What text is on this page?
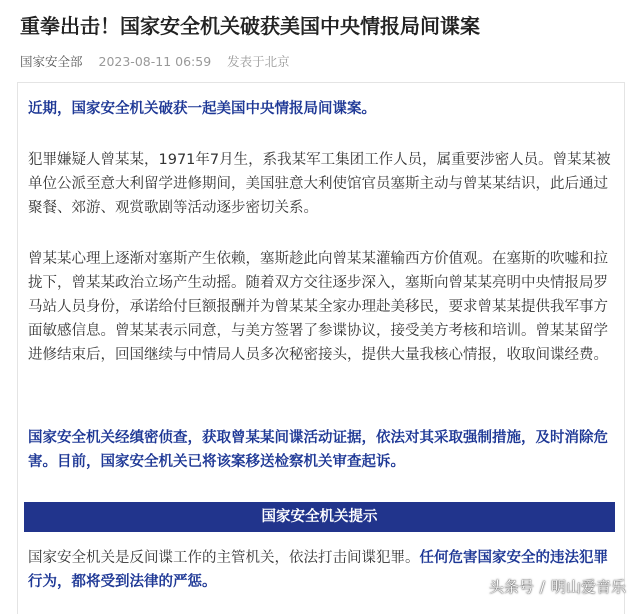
重拳出击！国家安全机关破获美国中央情报局间谍案
国家安全部 2023-08-11 06:59 发表于北京
近期，国家安全机关破获一起美国中央情报局间谍案。
犯罪嫌疑人曾某某，1971年7月生，系我某军工集团工作人员，属重要涉密人员。曾某某被单位公派至意大利留学进修期间，美国驻意大利使馆官员塞斯主动与曾某某结识，此后通过聚餐、郊游、观赏歌剧等活动逐步密切关系。
曾某某心理上逐渐对塞斯产生依赖，塞斯趁此向曾某某灌输西方价值观。在塞斯的吹嘘和拉拢下，曾某某政治立场产生动摇。随着双方交往逐步深入，塞斯向曾某某亮明中央情报局罗马站人员身份，承诺给付巨额报酬并为曾某某全家办理赴美移民，要求曾某某提供我军事方面敏感信息。曾某某表示同意，与美方签署了参谍协议，接受美方考核和培训。曾某某留学进修结束后，回国继续与中情局人员多次秘密接头，提供大量我核心情报，收取间谍经费。
国家安全机关经缜密侦查，获取曾某某间谍活动证据，依法对其采取强制措施，及时消除危害。目前，国家安全机关已将该案移送检察机关审查起诉。
国家安全机关提示
国家安全机关是反间谍工作的主管机关，依法打击间谍犯罪。任何危害国家安全的违法犯罪行为，都将受到法律的严惩。	头条号 / 明山爱音乐
